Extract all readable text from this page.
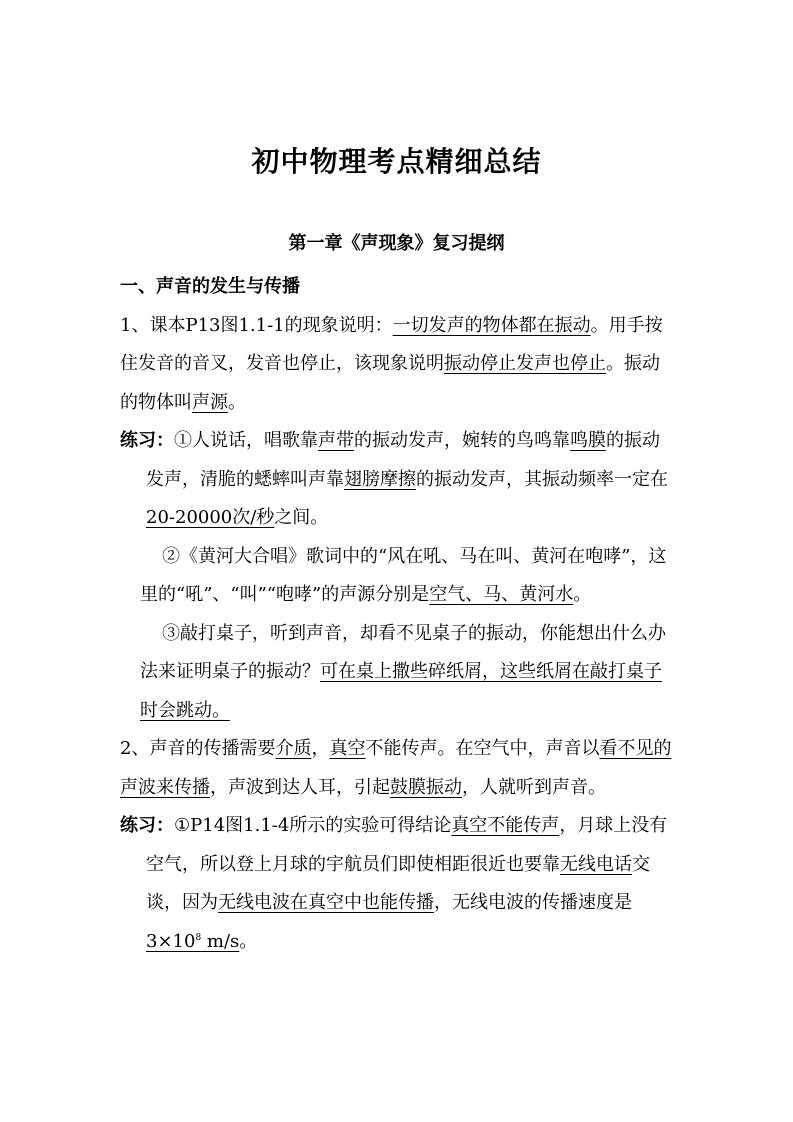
初中物理考点精细总结
第一章《声现象》复习提纲

一、声音的发生与传播

1、课本P13图1.1-1的现象说明：一切发声的物体都在振动。用手按住发音的音叉，发音也停止，该现象说明振动停止发声也停止。振动的物体叫声源。

练习：①人说话，唱歌靠声带的振动发声，婉转的鸟鸣靠鸣膜的振动发声，清脆的蟋蟀叫声靠翅膀摩擦的振动发声，其振动频率一定在20-20000次/秒之间。

②《黄河大合唱》歌词中的“风在吼、马在叫、黄河在咆哮”，这里的“吼”、“叫”“咆哮”的声源分别是空气、马、黄河水。

③敲打桌子，听到声音，却看不见桌子的振动，你能想出什么办法来证明桌子的振动？可在桌上撒些碎纸屑，这些纸屑在敲打桌子时会跳动。

2、声音的传播需要介质，真空不能传声。在空气中，声音以看不见的声波来传播，声波到达人耳，引起鼓膜振动，人就听到声音。

练习：①P14图1.1-4所示的实验可得结论真空不能传声，月球上没有空气，所以登上月球的宇航员们即使相距很近也要靠无线电话交谈，因为无线电波在真空中也能传播，无线电波的传播速度是$3\times 10^8$ m/s。
